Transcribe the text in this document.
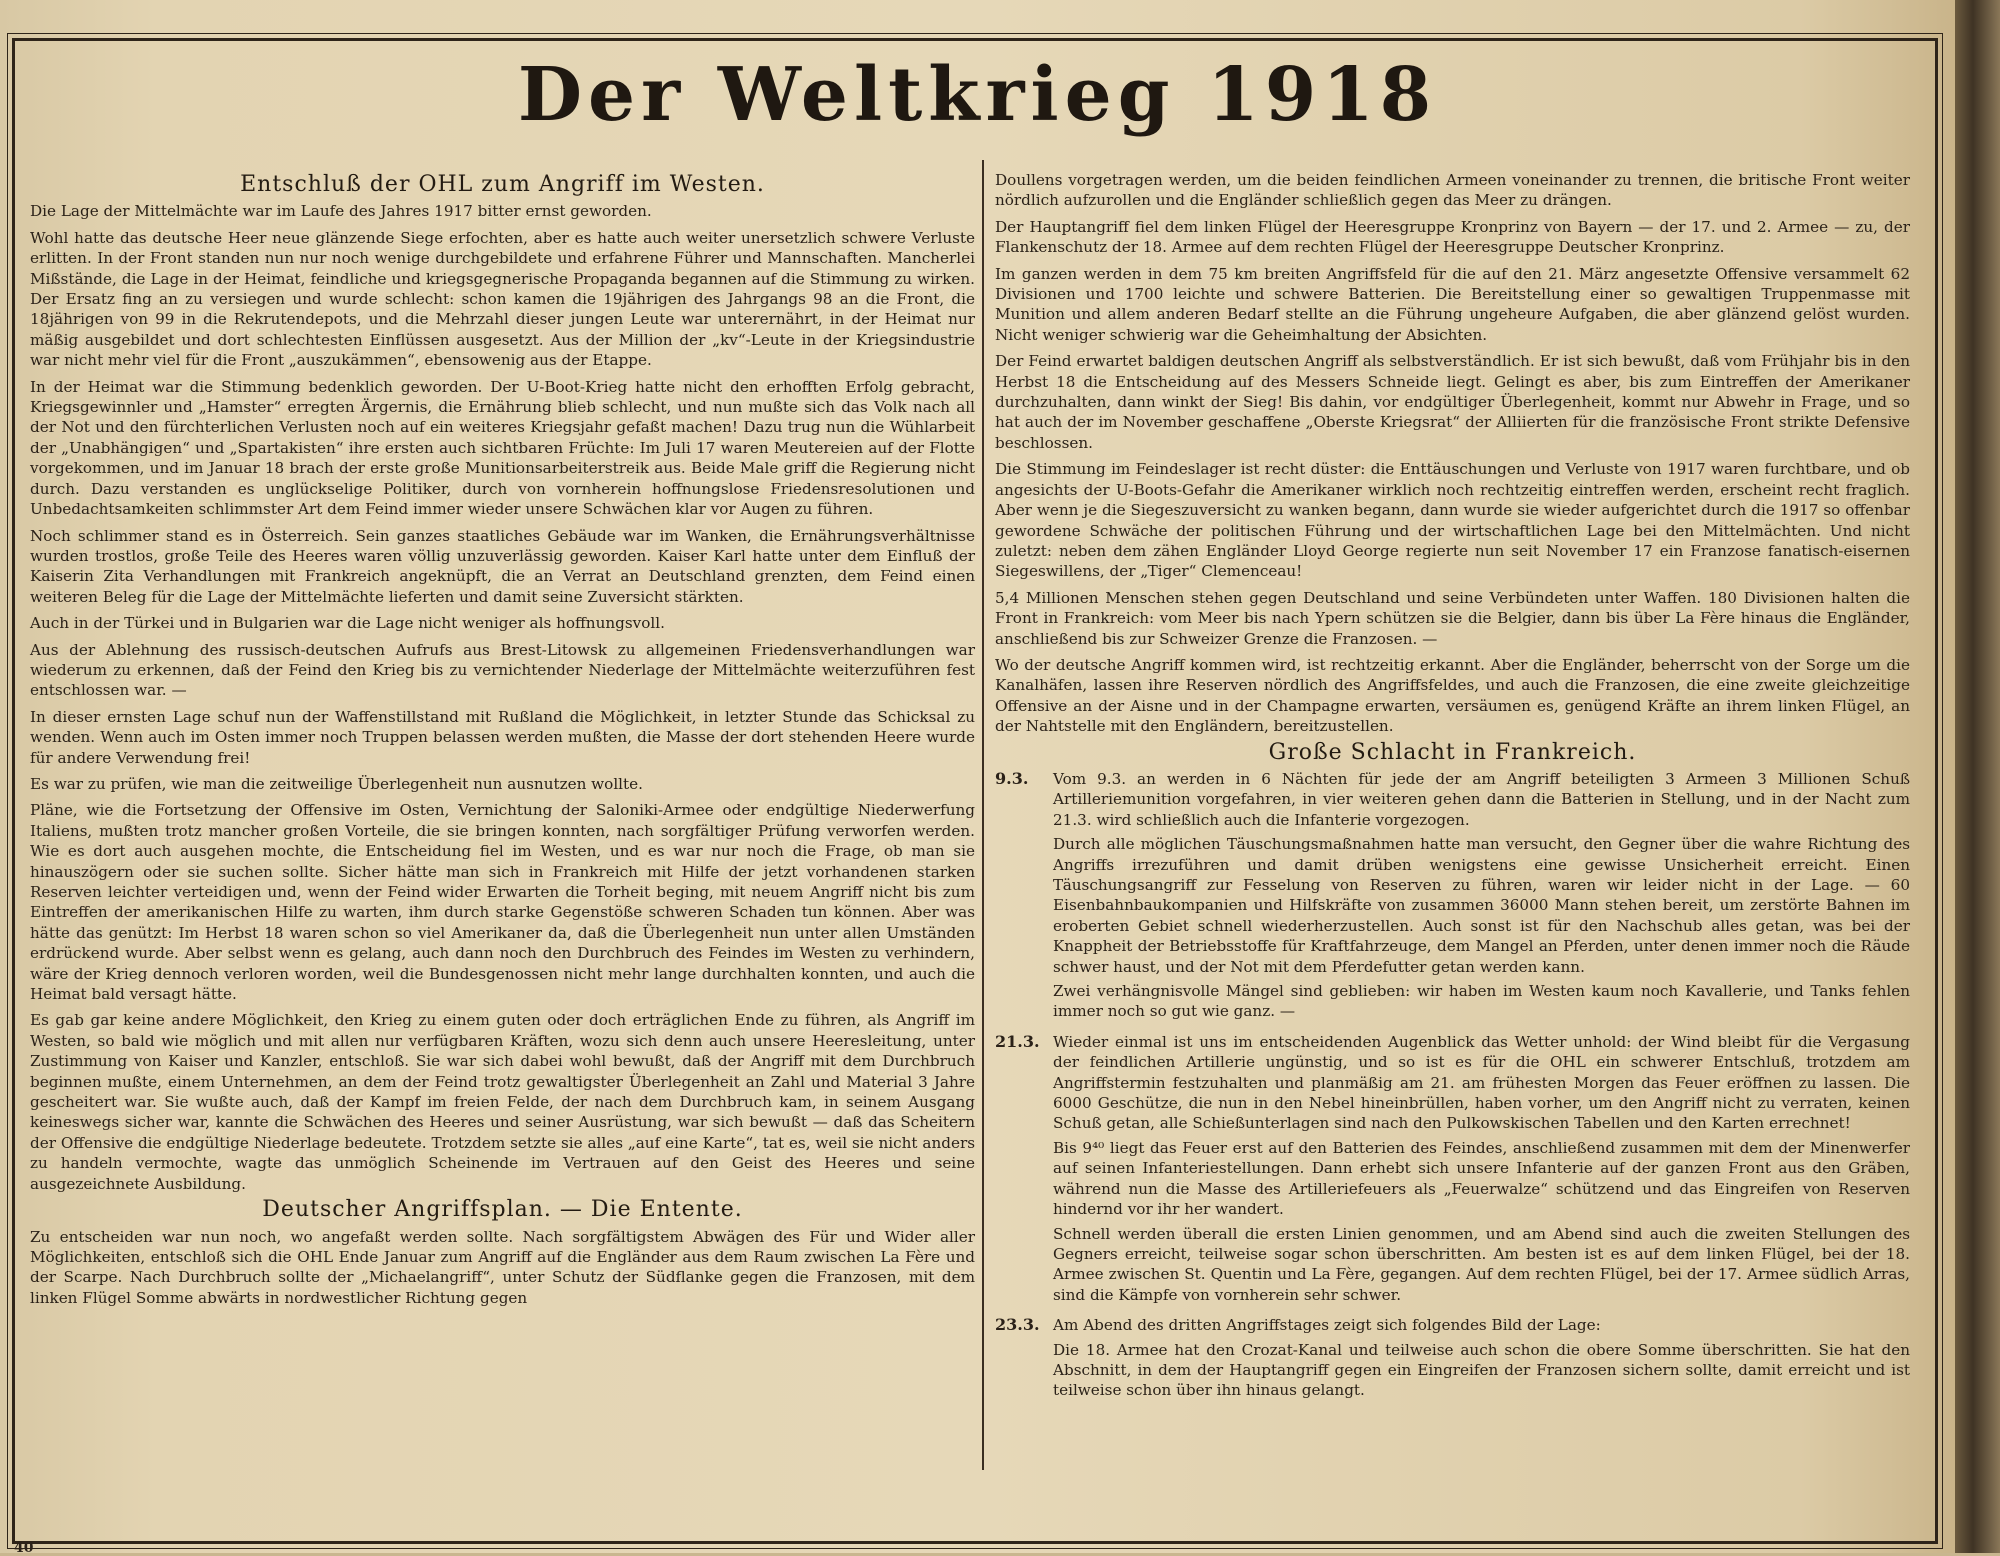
Der Weltkrieg 1918
Entschluß der OHL zum Angriff im Westen.

Die Lage der Mittelmächte war im Laufe des Jahres 1917 bitter ernst geworden.

Wohl hatte das deutsche Heer neue glänzende Siege erfochten, aber es hatte auch weiter unersetzlich schwere Verluste erlitten. In der Front standen nun nur noch wenige durchgebildete und erfahrene Führer und Mannschaften. Mancherlei Mißstände, die Lage in der Heimat, feindliche und kriegsgegnerische Propaganda begannen auf die Stimmung zu wirken. Der Ersatz fing an zu versiegen und wurde schlecht: schon kamen die 19jährigen des Jahrgangs 98 an die Front, die 18jährigen von 99 in die Rekrutendepots, und die Mehrzahl dieser jungen Leute war unterernährt, in der Heimat nur mäßig ausgebildet und dort schlechtesten Einflüssen ausgesetzt. Aus der Million der „kv“-Leute in der Kriegsindustrie war nicht mehr viel für die Front „auszukämmen“, ebensowenig aus der Etappe.

In der Heimat war die Stimmung bedenklich geworden. Der U-Boot-Krieg hatte nicht den erhofften Erfolg gebracht, Kriegsgewinnler und „Hamster“ erregten Ärgernis, die Ernährung blieb schlecht, und nun mußte sich das Volk nach all der Not und den fürchterlichen Verlusten noch auf ein weiteres Kriegsjahr gefaßt machen! Dazu trug nun die Wühlarbeit der „Unabhängigen“ und „Spartakisten“ ihre ersten auch sichtbaren Früchte: Im Juli 17 waren Meutereien auf der Flotte vorgekommen, und im Januar 18 brach der erste große Munitionsarbeiterstreik aus. Beide Male griff die Regierung nicht durch. Dazu verstanden es unglückselige Politiker, durch von vornherein hoffnungslose Friedensresolutionen und Unbedachtsamkeiten schlimmster Art dem Feind immer wieder unsere Schwächen klar vor Augen zu führen.

Noch schlimmer stand es in Österreich. Sein ganzes staatliches Gebäude war im Wanken, die Ernährungsverhältnisse wurden trostlos, große Teile des Heeres waren völlig unzuverlässig geworden. Kaiser Karl hatte unter dem Einfluß der Kaiserin Zita Verhandlungen mit Frankreich angeknüpft, die an Verrat an Deutschland grenzten, dem Feind einen weiteren Beleg für die Lage der Mittelmächte lieferten und damit seine Zuversicht stärkten.

Auch in der Türkei und in Bulgarien war die Lage nicht weniger als hoffnungsvoll.

Aus der Ablehnung des russisch-deutschen Aufrufs aus Brest-Litowsk zu allgemeinen Friedensverhandlungen war wiederum zu erkennen, daß der Feind den Krieg bis zu vernichtender Niederlage der Mittelmächte weiterzuführen fest entschlossen war. —

In dieser ernsten Lage schuf nun der Waffenstillstand mit Rußland die Möglichkeit, in letzter Stunde das Schicksal zu wenden. Wenn auch im Osten immer noch Truppen belassen werden mußten, die Masse der dort stehenden Heere wurde für andere Verwendung frei!

Es war zu prüfen, wie man die zeitweilige Überlegenheit nun ausnutzen wollte.

Pläne, wie die Fortsetzung der Offensive im Osten, Vernichtung der Saloniki-Armee oder endgültige Niederwerfung Italiens, mußten trotz mancher großen Vorteile, die sie bringen konnten, nach sorgfältiger Prüfung verworfen werden. Wie es dort auch ausgehen mochte, die Entscheidung fiel im Westen, und es war nur noch die Frage, ob man sie hinauszögern oder sie suchen sollte. Sicher hätte man sich in Frankreich mit Hilfe der jetzt vorhandenen starken Reserven leichter verteidigen und, wenn der Feind wider Erwarten die Torheit beging, mit neuem Angriff nicht bis zum Eintreffen der amerikanischen Hilfe zu warten, ihm durch starke Gegenstöße schweren Schaden tun können. Aber was hätte das genützt: Im Herbst 18 waren schon so viel Amerikaner da, daß die Überlegenheit nun unter allen Umständen erdrückend wurde. Aber selbst wenn es gelang, auch dann noch den Durchbruch des Feindes im Westen zu verhindern, wäre der Krieg dennoch verloren worden, weil die Bundesgenossen nicht mehr lange durchhalten konnten, und auch die Heimat bald versagt hätte.

Es gab gar keine andere Möglichkeit, den Krieg zu einem guten oder doch erträglichen Ende zu führen, als Angriff im Westen, so bald wie möglich und mit allen nur verfügbaren Kräften, wozu sich denn auch unsere Heeresleitung, unter Zustimmung von Kaiser und Kanzler, entschloß. Sie war sich dabei wohl bewußt, daß der Angriff mit dem Durchbruch beginnen mußte, einem Unternehmen, an dem der Feind trotz gewaltigster Überlegenheit an Zahl und Material 3 Jahre gescheitert war. Sie wußte auch, daß der Kampf im freien Felde, der nach dem Durchbruch kam, in seinem Ausgang keineswegs sicher war, kannte die Schwächen des Heeres und seiner Ausrüstung, war sich bewußt — daß das Scheitern der Offensive die endgültige Niederlage bedeutete. Trotzdem setzte sie alles „auf eine Karte“, tat es, weil sie nicht anders zu handeln vermochte, wagte das unmöglich Scheinende im Vertrauen auf den Geist des Heeres und seine ausgezeichnete Ausbildung.

Deutscher Angriffsplan. — Die Entente.

Zu entscheiden war nun noch, wo angefaßt werden sollte. Nach sorgfältigstem Abwägen des Für und Wider aller Möglichkeiten, entschloß sich die OHL Ende Januar zum Angriff auf die Engländer aus dem Raum zwischen La Fère und der Scarpe. Nach Durchbruch sollte der „Michaelangriff“, unter Schutz der Südflanke gegen die Franzosen, mit dem linken Flügel Somme abwärts in nordwestlicher Richtung gegen

Doullens vorgetragen werden, um die beiden feindlichen Armeen voneinander zu trennen, die britische Front weiter nördlich aufzurollen und die Engländer schließlich gegen das Meer zu drängen.

Der Hauptangriff fiel dem linken Flügel der Heeresgruppe Kronprinz von Bayern — der 17. und 2. Armee — zu, der Flankenschutz der 18. Armee auf dem rechten Flügel der Heeresgruppe Deutscher Kronprinz.

Im ganzen werden in dem 75 km breiten Angriffsfeld für die auf den 21. März angesetzte Offensive versammelt 62 Divisionen und 1700 leichte und schwere Batterien. Die Bereitstellung einer so gewaltigen Truppenmasse mit Munition und allem anderen Bedarf stellte an die Führung ungeheure Aufgaben, die aber glänzend gelöst wurden. Nicht weniger schwierig war die Geheimhaltung der Absichten.

Der Feind erwartet baldigen deutschen Angriff als selbstverständlich. Er ist sich bewußt, daß vom Frühjahr bis in den Herbst 18 die Entscheidung auf des Messers Schneide liegt. Gelingt es aber, bis zum Eintreffen der Amerikaner durchzuhalten, dann winkt der Sieg! Bis dahin, vor endgültiger Überlegenheit, kommt nur Abwehr in Frage, und so hat auch der im November geschaffene „Oberste Kriegsrat“ der Alliierten für die französische Front strikte Defensive beschlossen.

Die Stimmung im Feindeslager ist recht düster: die Enttäuschungen und Verluste von 1917 waren furchtbare, und ob angesichts der U-Boots-Gefahr die Amerikaner wirklich noch rechtzeitig eintreffen werden, erscheint recht fraglich. Aber wenn je die Siegeszuversicht zu wanken begann, dann wurde sie wieder aufgerichtet durch die 1917 so offenbar gewordene Schwäche der politischen Führung und der wirtschaftlichen Lage bei den Mittelmächten. Und nicht zuletzt: neben dem zähen Engländer Lloyd George regierte nun seit November 17 ein Franzose fanatisch-eisernen Siegeswillens, der „Tiger“ Clemenceau!

5,4 Millionen Menschen stehen gegen Deutschland und seine Verbündeten unter Waffen. 180 Divisionen halten die Front in Frankreich: vom Meer bis nach Ypern schützen sie die Belgier, dann bis über La Fère hinaus die Engländer, anschließend bis zur Schweizer Grenze die Franzosen. —

Wo der deutsche Angriff kommen wird, ist rechtzeitig erkannt. Aber die Engländer, beherrscht von der Sorge um die Kanalhäfen, lassen ihre Reserven nördlich des Angriffsfeldes, und auch die Franzosen, die eine zweite gleichzeitige Offensive an der Aisne und in der Champagne erwarten, versäumen es, genügend Kräfte an ihrem linken Flügel, an der Nahtstelle mit den Engländern, bereitzustellen.

Große Schlacht in Frankreich.
9.3.	Vom 9.3. an werden in 6 Nächten für jede der am Angriff beteiligten 3 Armeen 3 Millionen Schuß Artilleriemunition vorgefahren, in vier weiteren gehen dann die Batterien in Stellung, und in der Nacht zum 21.3. wird schließlich auch die Infanterie vorgezogen.

Durch alle möglichen Täuschungsmaßnahmen hatte man versucht, den Gegner über die wahre Richtung des Angriffs irrezuführen und damit drüben wenigstens eine gewisse Unsicherheit erreicht. Einen Täuschungsangriff zur Fesselung von Reserven zu führen, waren wir leider nicht in der Lage. — 60 Eisenbahnbaukompanien und Hilfskräfte von zusammen 36000 Mann stehen bereit, um zerstörte Bahnen im eroberten Gebiet schnell wiederherzustellen. Auch sonst ist für den Nachschub alles getan, was bei der Knappheit der Betriebsstoffe für Kraftfahrzeuge, dem Mangel an Pferden, unter denen immer noch die Räude schwer haust, und der Not mit dem Pferdefutter getan werden kann.

Zwei verhängnisvolle Mängel sind geblieben: wir haben im Westen kaum noch Kavallerie, und Tanks fehlen immer noch so gut wie ganz. —

21.3. Wieder einmal ist uns im entscheidenden Augenblick das Wetter unhold: der Wind bleibt für die Vergasung der feindlichen Artillerie ungünstig, und so ist es für die OHL ein schwerer Entschluß, trotzdem am Angriffstermin festzuhalten und planmäßig am 21. am frühesten Morgen das Feuer eröffnen zu lassen. Die 6000 Geschütze, die nun in den Nebel hineinbrüllen, haben vorher, um den Angriff nicht zu verraten, keinen Schuß getan, alle Schießunterlagen sind nach den Pulkowskischen Tabellen und den Karten errechnet!

Bis 9⁴⁰ liegt das Feuer erst auf den Batterien des Feindes, anschließend zusammen mit dem der Minenwerfer auf seinen Infanteriestellungen. Dann erhebt sich unsere Infanterie auf der ganzen Front aus den Gräben, während nun die Masse des Artilleriefeuers als „Feuerwalze“ schützend und das Eingreifen von Reserven hindernd vor ihr her wandert.

Schnell werden überall die ersten Linien genommen, und am Abend sind auch die zweiten Stellungen des Gegners erreicht, teilweise sogar schon überschritten. Am besten ist es auf dem linken Flügel, bei der 18. Armee zwischen St. Quentin und La Fère, gegangen. Auf dem rechten Flügel, bei der 17. Armee südlich Arras, sind die Kämpfe von vornherein sehr schwer.

23.3. Am Abend des dritten Angriffstages zeigt sich folgendes Bild der Lage:

Die 18. Armee hat den Crozat-Kanal und teilweise auch schon die obere Somme überschritten. Sie hat den Abschnitt, in dem der Hauptangriff gegen ein Eingreifen der Franzosen sichern sollte, damit erreicht und ist teilweise schon über ihn hinaus gelangt.

40
